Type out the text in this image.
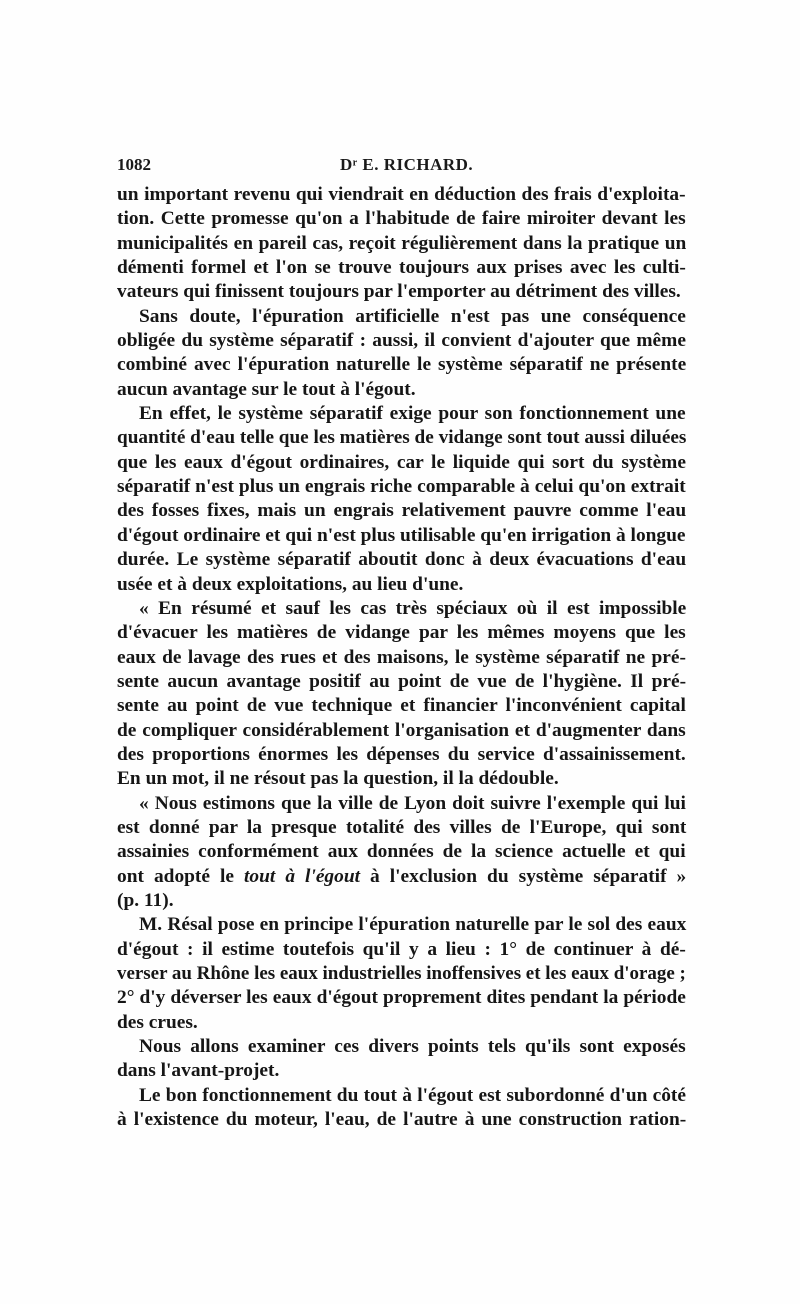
1082	Dʳ E. RICHARD.
un important revenu qui viendrait en déduction des frais d'exploita-
tion. Cette promesse qu'on a l'habitude de faire miroiter devant les
municipalités en pareil cas, reçoit régulièrement dans la pratique un
démenti formel et l'on se trouve toujours aux prises avec les culti-
vateurs qui finissent toujours par l'emporter au détriment des villes.
Sans doute, l'épuration artificielle n'est pas une conséquence
obligée du système séparatif : aussi, il convient d'ajouter que même
combiné avec l'épuration naturelle le système séparatif ne présente
aucun avantage sur le tout à l'égout.
En effet, le système séparatif exige pour son fonctionnement une
quantité d'eau telle que les matières de vidange sont tout aussi diluées
que les eaux d'égout ordinaires, car le liquide qui sort du système
séparatif n'est plus un engrais riche comparable à celui qu'on extrait
des fosses fixes, mais un engrais relativement pauvre comme l'eau
d'égout ordinaire et qui n'est plus utilisable qu'en irrigation à longue
durée. Le système séparatif aboutit donc à deux évacuations d'eau
usée et à deux exploitations, au lieu d'une.
« En résumé et sauf les cas très spéciaux où il est impossible
d'évacuer les matières de vidange par les mêmes moyens que les
eaux de lavage des rues et des maisons, le système séparatif ne pré-
sente aucun avantage positif au point de vue de l'hygiène. Il pré-
sente au point de vue technique et financier l'inconvénient capital
de compliquer considérablement l'organisation et d'augmenter dans
des proportions énormes les dépenses du service d'assainissement.
En un mot, il ne résout pas la question, il la dédouble.
« Nous estimons que la ville de Lyon doit suivre l'exemple qui lui
est donné par la presque totalité des villes de l'Europe, qui sont
assainies conformément aux données de la science actuelle et qui
ont adopté le tout à l'égout à l'exclusion du système séparatif »
(p. 11).
M. Résal pose en principe l'épuration naturelle par le sol des eaux
d'égout : il estime toutefois qu'il y a lieu : 1° de continuer à dé-
verser au Rhône les eaux industrielles inoffensives et les eaux d'orage ;
2° d'y déverser les eaux d'égout proprement dites pendant la période
des crues.
Nous allons examiner ces divers points tels qu'ils sont exposés
dans l'avant-projet.
Le bon fonctionnement du tout à l'égout est subordonné d'un côté
à l'existence du moteur, l'eau, de l'autre à une construction ration-
